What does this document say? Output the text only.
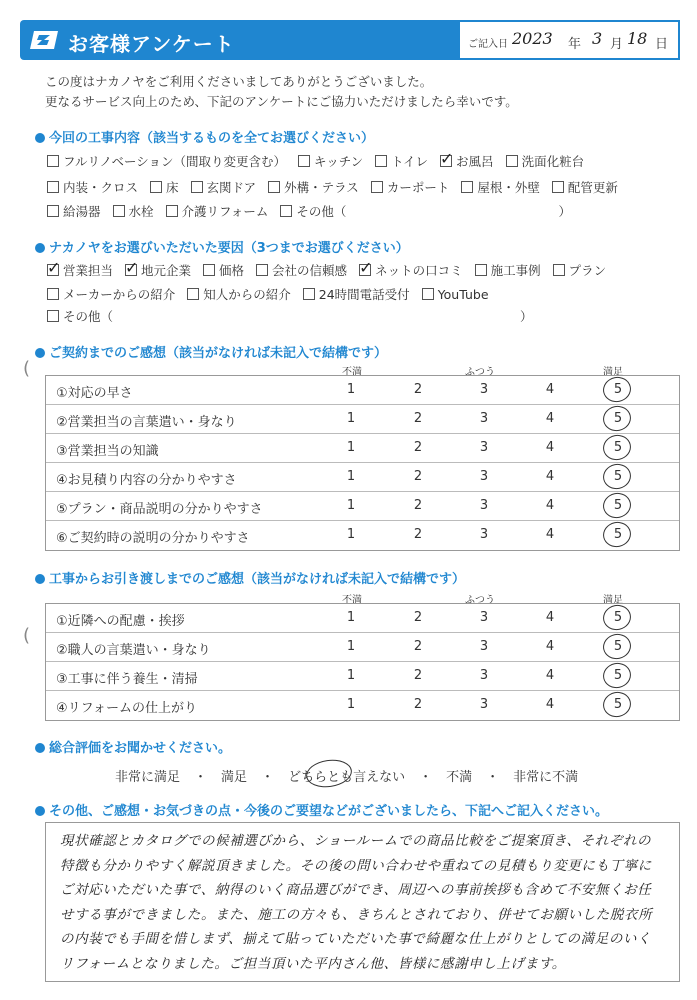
お客様アンケート	ご記入日 2023 年 3 月 18 日
この度はナカノヤをご利用くださいましてありがとうございました。
更なるサービス向上のため、下記のアンケートにご協力いただけましたら幸いです。
今回の工事内容（該当するものを全てお選びください）
フルリノベーション（間取り変更含む） キッチン トイレ ✓ お風呂 洗面化粧台
内装・クロス 床 玄関ドア 外構・テラス カーポート 屋根・外壁 配管更新
給湯器 水栓 介護リフォーム その他（	）
ナカノヤをお選びいただいた要因（3つまでお選びください）
✓営業担当 ✓ 地元企業 価格 会社の信頼感 ✓ ネットの口コミ 施工事例 プラン
メーカーからの紹介 知人からの紹介 24時間電話受付 YouTube
その他（	）
ご契約までのご感想（該当がなければ未記入で結構です）
(	不満	ふつう	満足
①対応の早さ	1	2	3	4	5
②営業担当の言葉遣い・身なり	1	2	3	4	5
③営業担当の知識	1	2	3	4	5
④お見積り内容の分かりやすさ	1	2	3	4	5
⑤プラン・商品説明の分かりやすさ	1	2	3	4	5
⑥ご契約時の説明の分かりやすさ	1	2	3	4	5
工事からお引き渡しまでのご感想（該当がなければ未記入で結構です）
(
不満	ふつう	満足
①近隣への配慮・挨拶	1	2	3	4	5
②職人の言葉遣い・身なり	1	2	3	4	5
③工事に伴う養生・清掃	1	2	3	4	5
④リフォームの仕上がり	1	2	3	4	5
総合評価をお聞かせください。
非常に満足 ・ 満足 ・ どちらとも言えない ・ 不満 ・ 非常に不満
その他、ご感想・お気づきの点・今後のご要望などがございましたら、下記へご記入ください。
現状確認とカタログでの候補選びから、ショールームでの商品比較をご提案頂き、それぞれの特徴も分かりやすく解説頂きました。その後の問い合わせや重ねての見積もり変更にも丁寧にご対応いただいた事で、納得のいく商品選びができ、周辺への事前挨拶も含めて不安無くお任せする事ができました。また、施工の方々も、きちんとされており、併せてお願いした脱衣所の内装でも手間を惜しまず、揃えて貼っていただいた事で綺麗な仕上がりとしての満足のいくリフォームとなりました。ご担当頂いた平内さん他、皆様に感謝申し上げます。
